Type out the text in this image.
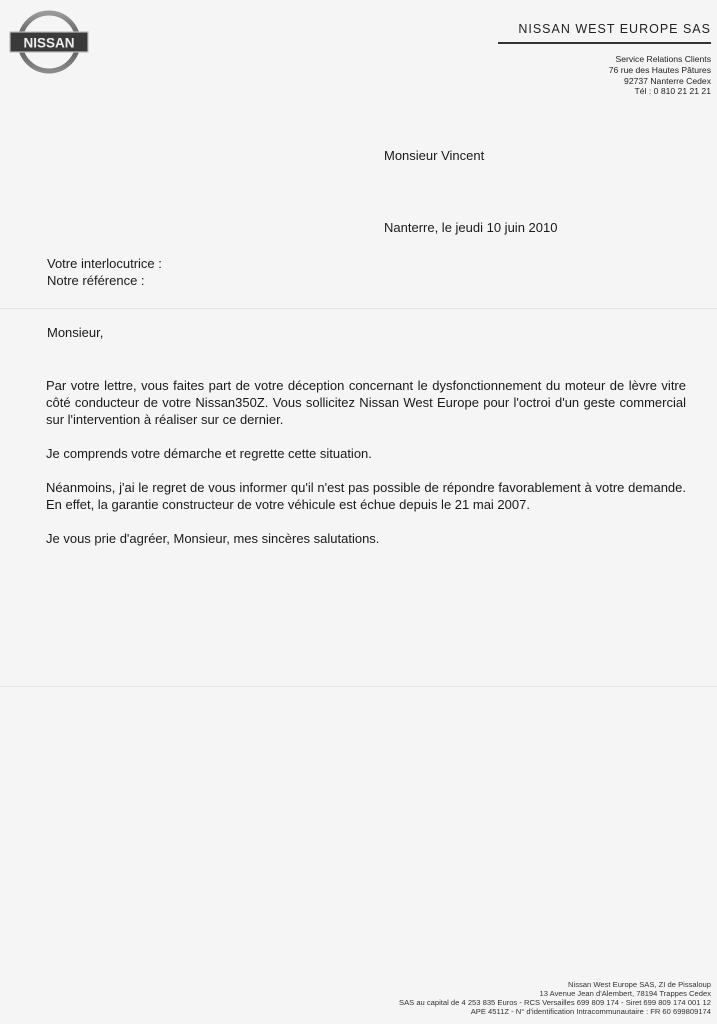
NISSAN
NISSAN WEST EUROPE SAS
Service Relations Clients
76 rue des Hautes Pâtures
92737 Nanterre Cedex
Tél : 0 810 21 21 21
Monsieur Vincent
Nanterre, le jeudi 10 juin 2010
Votre interlocutrice :
Notre référence :
Monsieur,

Par votre lettre, vous faites part de votre déception concernant le dysfonctionnement du moteur de lèvre vitre côté conducteur de votre Nissan350Z. Vous sollicitez Nissan West Europe pour l'octroi d'un geste commercial sur l'intervention à réaliser sur ce dernier.

Je comprends votre démarche et regrette cette situation.

Néanmoins, j'ai le regret de vous informer qu'il n'est pas possible de répondre favorablement à votre demande. En effet, la garantie constructeur de votre véhicule est échue depuis le 21 mai 2007.

Je vous prie d'agréer, Monsieur, mes sincères salutations.

Nissan West Europe SAS, ZI de Pissaloup
13 Avenue Jean d'Alembert, 78194 Trappes Cedex
SAS au capital de 4 253 835 Euros - RCS Versailles 699 809 174 - Siret 699 809 174 001 12
APE 4511Z - N° d'identification Intracommunautaire : FR 60 699809174
